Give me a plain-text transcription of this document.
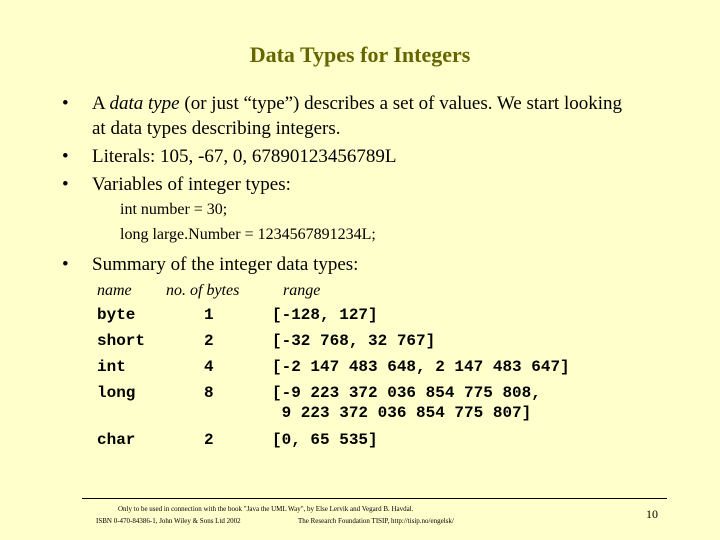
Data Types for Integers
• A data type (or just “type”) describes a set of values. We start looking
at data types describing integers.
• Literals: 105, -67, 0, 67890123456789L
• Variables of integer types:
int number = 30;
long large.Number = 1234567891234L;
• Summary of the integer data types:
name no. of bytes	range
byte	1	[-128, 127]
short	2	[-32 768, 32 767]
int	4	[-2 147 483 648, 2 147 483 647]
long	8	[-9 223 372 036 854 775 808,
9 223 372 036 854 775 807]
char	2	[0, 65 535]
Only to be used in connection with the book "Java the UML Way", by Else Lervik and Vegard B. Havdal.
ISBN 0-470-84386-1, John Wiley & Sons Ltd 2002	The Research Foundation TISIP, http://tisip.no/engelsk/	10
